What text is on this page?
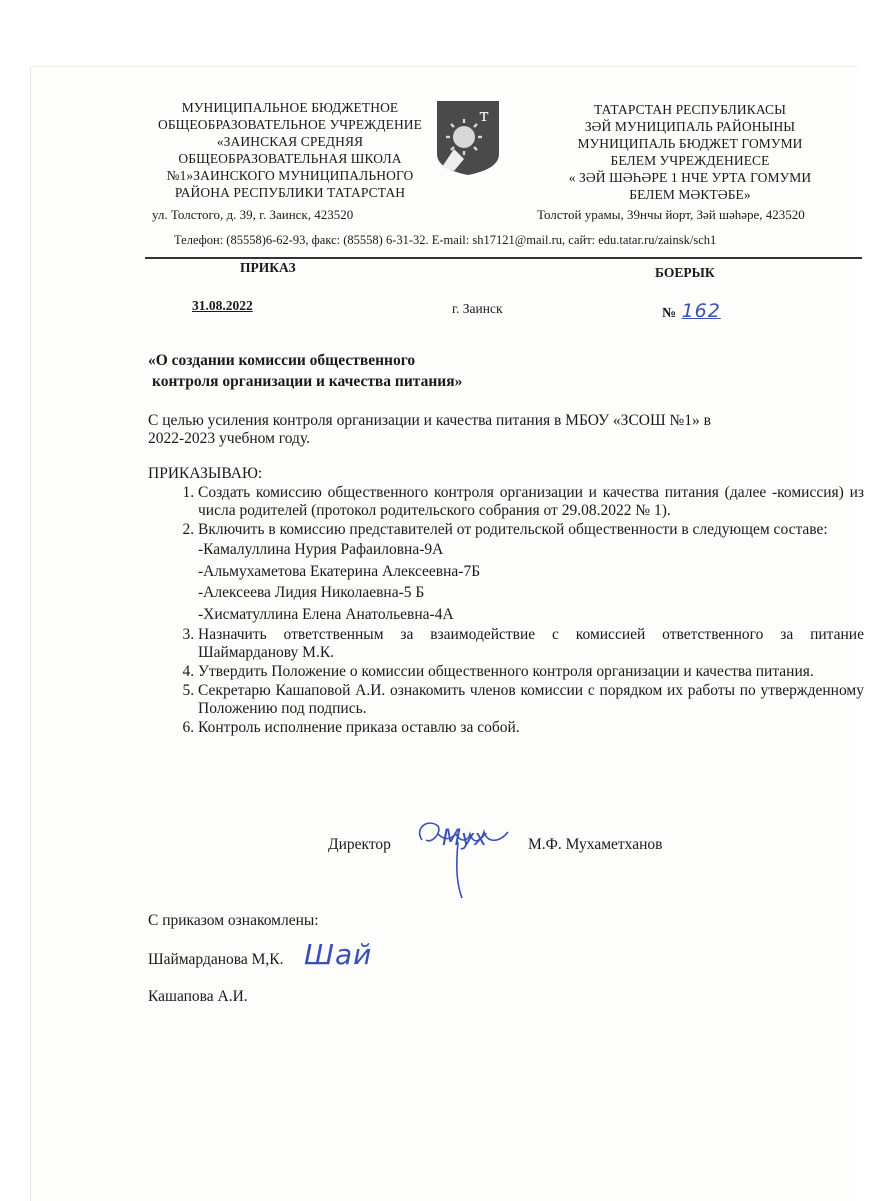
МУНИЦИПАЛЬНОЕ БЮДЖЕТНОЕ
ОБЩЕОБРАЗОВАТЕЛЬНОЕ УЧРЕЖДЕНИЕ
«ЗАИНСКАЯ СРЕДНЯЯ
ОБЩЕОБРАЗОВАТЕЛЬНАЯ ШКОЛА
№1»ЗАИНСКОГО МУНИЦИПАЛЬНОГО
РАЙОНА РЕСПУБЛИКИ ТАТАРСТАН
т	ТАТАРСТАН РЕСПУБЛИКАСЫ
ЗӘЙ МУНИЦИПАЛЬ РАЙОНЫНЫ
МУНИЦИПАЛЬ БЮДЖЕТ ГОМУМИ
БЕЛЕМ УЧРЕЖДЕНИЕСЕ
« ЗӘЙ ШӘҺӘРЕ 1 НЧЕ УРТА ГОМУМИ
БЕЛЕМ МӘКТӘБЕ»
ул. Толстого, д. 39, г. Заинск, 423520	Толстой урамы, 39нчы йорт, Зәй шәһәре, 423520
Телефон: (85558)6-62-93, факс: (85558) 6-31-32. E-mail: sh17121@mail.ru, сайт: edu.tatar.ru/zainsk/sch1
ПРИКАЗ	БОЕРЫК
31.08.2022	г. Заинск	№ 162
«О создании комиссии общественного
контроля организации и качества питания»
С целью усиления контроля организации и качества питания в МБОУ «ЗСОШ №1» в
2022-2023 учебном году.
ПРИКАЗЫВАЮ:
1. Создать комиссию общественного контроля организации и качества питания (далее -комиссия) из числа родителей (протокол родительского собрания от 29.08.2022 № 1).
2. Включить в комиссию представителей от родительской общественности в следующем составе:
-Камалуллина Нурия Рафаиловна-9А
-Альмухаметова Екатерина Алексеевна-7Б
-Алексеева Лидия Николаевна-5 Б
-Хисматуллина Елена Анатольевна-4А
3. Назначить ответственным за взаимодействие с комиссией ответственного за питание Шаймарданову М.К.
4. Утвердить Положение о комиссии общественного контроля организации и качества питания.
5. Секретарю Кашаповой А.И. ознакомить членов комиссии с порядком их работы по утвержденному Положению под подпись.
6. Контроль исполнение приказа оставлю за собой.
Директор Мух	М.Ф. Мухаметханов
С приказом ознакомлены:
Шаймарданова М,К. Шай
Кашапова А.И.
